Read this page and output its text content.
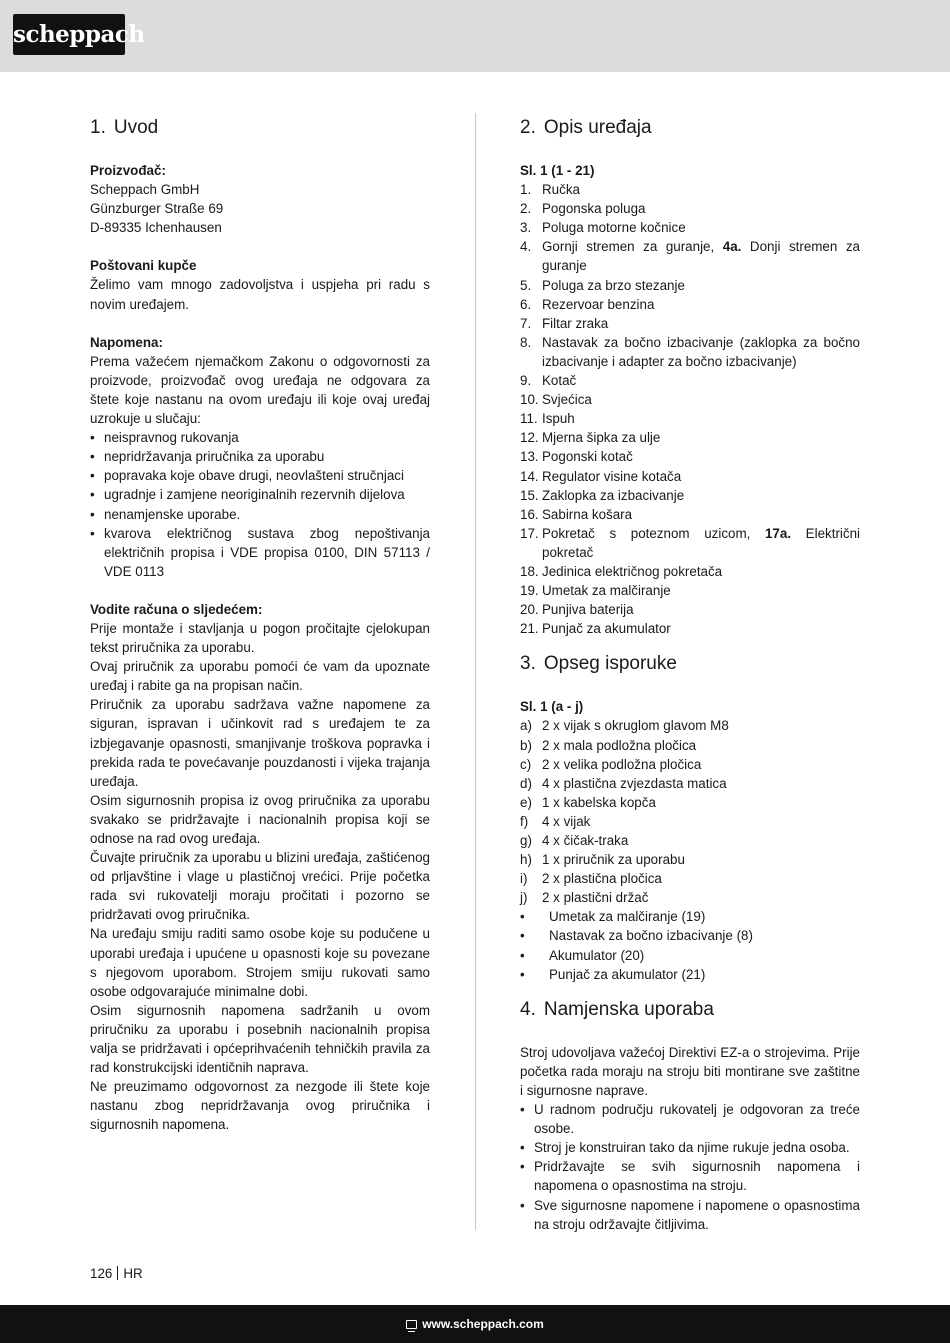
scheppach
1. Uvod
Proizvođač:
Scheppach GmbH
Günzburger Straße 69
D-89335 Ichenhausen
Poštovani kupče

Želimo vam mnogo zadovoljstva i uspjeha pri radu s novim uređajem.

Napomena:

Prema važećem njemačkom Zakonu o odgovornosti za proizvode, proizvođač ovog uređaja ne odgovara za štete koje nastanu na ovom uređaju ili koje ovaj uređaj uzrokuje u slučaju:

• neispravnog rukovanja
• nepridržavanja priručnika za uporabu
• popravaka koje obave drugi, neovlašteni stručnjaci
• ugradnje i zamjene neoriginalnih rezervnih dijelova
• nenamjenske uporabe.
• kvarova električnog sustava zbog nepoštivanja električnih propisa i VDE propisa 0100, DIN 57113 / VDE 0113
Vodite računa o sljedećem:

Prije montaže i stavljanja u pogon pročitajte cjelokupan tekst priručnika za uporabu.

Ovaj priručnik za uporabu pomoći će vam da upoznate uređaj i rabite ga na propisan način.

Priručnik za uporabu sadržava važne napomene za siguran, ispravan i učinkovit rad s uređajem te za izbjegavanje opasnosti, smanjivanje troškova popravka i prekida rada te povećavanje pouzdanosti i vijeka trajanja uređaja.

Osim sigurnosnih propisa iz ovog priručnika za uporabu svakako se pridržavajte i nacionalnih propisa koji se odnose na rad ovog uređaja.

Čuvajte priručnik za uporabu u blizini uređaja, zaštićenog od prljavštine i vlage u plastičnoj vrećici. Prije početka rada svi rukovatelji moraju pročitati i pozorno se pridržavati ovog priručnika.

Na uređaju smiju raditi samo osobe koje su podučene u uporabi uređaja i upućene u opasnosti koje su povezane s njegovom uporabom. Strojem smiju rukovati samo osobe odgovarajuće minimalne dobi.

Osim sigurnosnih napomena sadržanih u ovom priručniku za uporabu i posebnih nacionalnih propisa valja se pridržavati i općeprihvaćenih tehničkih pravila za rad konstrukcijski identičnih naprava.

Ne preuzimamo odgovornost za nezgode ili štete koje nastanu zbog nepridržavanja ovog priručnika i sigurnosnih napomena.

2. Opis uređaja
Sl. 1 (1 - 21)
1. Ručka
2. Pogonska poluga
3. Poluga motorne kočnice
4. Gornji stremen za guranje, 4a. Donji stremen za guranje
5. Poluga za brzo stezanje
6. Rezervoar benzina
7. Filtar zraka
8. Nastavak za bočno izbacivanje (zaklopka za bočno izbacivanje i adapter za bočno izbacivanje)
9. Kotač
10. Svjećica
11. Ispuh
12. Mjerna šipka za ulje
13. Pogonski kotač
14. Regulator visine kotača
15. Zaklopka za izbacivanje
16. Sabirna košara
17. Pokretač s poteznom uzicom, 17a. Električni pokretač
18. Jedinica električnog pokretača
19. Umetak za malčiranje
20. Punjiva baterija
21. Punjač za akumulator
3. Opseg isporuke
Sl. 1 (a - j)
a) 2 x vijak s okruglom glavom M8
b) 2 x mala podložna pločica
c) 2 x velika podložna pločica
d) 4 x plastična zvjezdasta matica
e) 1 x kabelska kopča
f) 4 x vijak
g) 4 x čičak-traka
h) 1 x priručnik za uporabu
i) 2 x plastična pločica
j) 2 x plastični držač
• Umetak za malčiranje (19)
• Nastavak za bočno izbacivanje (8)
• Akumulator (20)
• Punjač za akumulator (21)
4. Namjenska uporaba

Stroj udovoljava važećoj Direktivi EZ-a o strojevima. Prije početka rada moraju na stroju biti montirane sve zaštitne i sigurnosne naprave.

• U radnom području rukovatelj je odgovoran za treće osobe.
• Stroj je konstruiran tako da njime rukuje jedna osoba.
• Pridržavajte se svih sigurnosnih napomena i napomena o opasnostima na stroju.
• Sve sigurnosne napomene i napomene o opasnostima na stroju održavajte čitljivima.
126 HR
www.scheppach.com
